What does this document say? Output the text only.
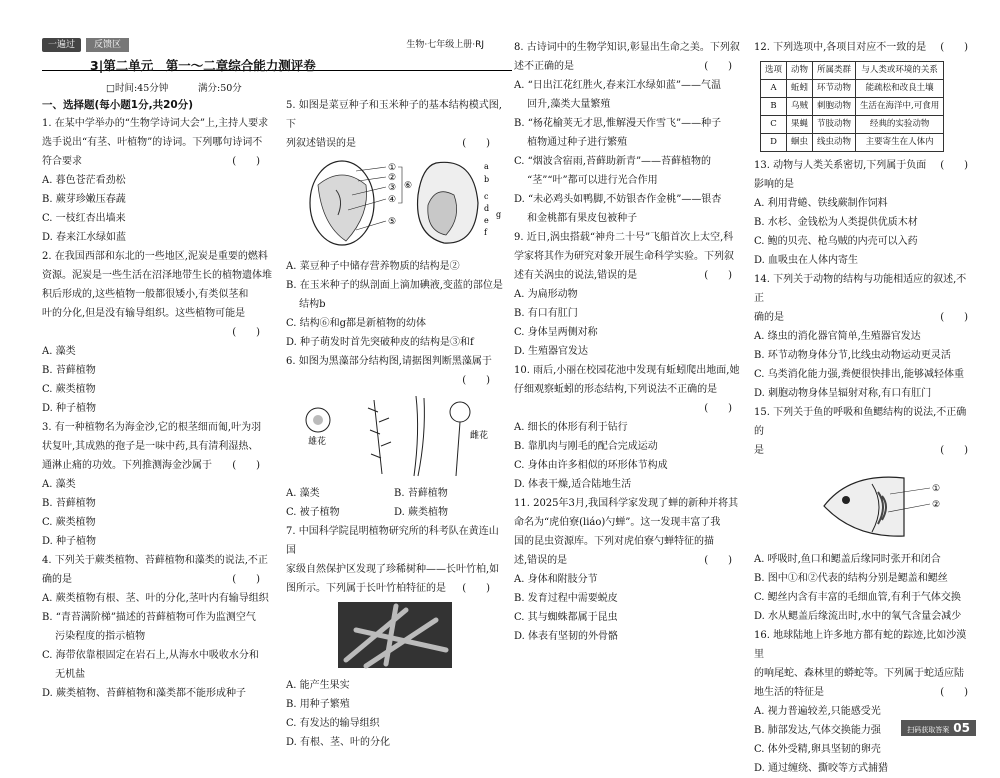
一遍过	反馈区	生物·七年级上册·RJ
3|第二单元　第一～二章综合能力测评卷
□时间:45分钟	满分:50分
一、选择题(每小题1分,共20分)

1. 在某中学举办的“生物学诗词大会”上,主持人要求

选手说出“有茎、叶植物”的诗词。下列哪句诗词不

符合要求	(　　)

A. 暮色苍茫看劲松

B. 蕨芽珍嫩压春蔬

C. 一枝红杏出墙来

D. 春来江水绿如蓝

2. 在我国西部和东北的一些地区,泥炭是重要的燃料

资源。泥炭是一些生活在沼泽地带生长的植物遗体堆

积后形成的,这些植物一般都很矮小,有类似茎和

叶的分化,但是没有输导组织。这些植物可能是

(　　)

A. 藻类

B. 苔藓植物

C. 蕨类植物

D. 种子植物

3. 有一种植物名为海金沙,它的根茎细而匍,叶为羽

状复叶,其成熟的孢子是一味中药,具有清利湿热、

通淋止痛的功效。下列推测海金沙属于 (　　)

A. 藻类

B. 苔藓植物

C. 蕨类植物

D. 种子植物

4. 下列关于蕨类植物、苔藓植物和藻类的说法,不正

确的是	(　　)

A. 蕨类植物有根、茎、叶的分化,茎叶内有输导组织

B. “青苔满阶梯”描述的苔藓植物可作为监测空气

　 污染程度的指示植物

C. 海带依靠根固定在岩石上,从海水中吸收水分和

　 无机盐

D. 蕨类植物、苔藓植物和藻类都不能形成种子

5. 如图是菜豆种子和玉米种子的基本结构模式图,下

列叙述错误的是	(　　)

①
②
③
④
⑤
⑥
a
b
c
d
e
f
g

A. 菜豆种子中储存营养物质的结构是②

B. 在玉米种子的纵剖面上滴加碘液,变蓝的部位是

　 结构b

C. 结构⑥和g都是新植物的幼体

D. 种子萌发时首先突破种皮的结构是③和f

6. 如图为黑藻部分结构图,请据图判断黑藻属于

(　　)
雄花
雌花

A. 藻类	B. 苔藓植物

C. 被子植物	D. 蕨类植物

7. 中国科学院昆明植物研究所的科考队在黄连山国

家级自然保护区发现了珍稀树种——长叶竹柏,如

图所示。下列属于长叶竹柏特征的是 (　　)

A. 能产生果实

B. 用种子繁殖

C. 有发达的输导组织

D. 有根、茎、叶的分化

8. 古诗词中的生物学知识,彰显出生命之美。下列叙

述不正确的是	(　　)

A. “日出江花红胜火,春来江水绿如蓝”——气温

　 回升,藻类大量繁殖

B. “杨花榆荚无才思,惟解漫天作雪飞”——种子

　 植物通过种子进行繁殖

C. “烟波含宿雨,苔藓助新青”——苔藓植物的

　 “茎”“叶”都可以进行光合作用

D. “未必鸡头如鸭脚,不妨银杏作金桃”——银杏

　 和金桃都有果皮包被种子

9. 近日,涡虫搭载“神舟二十号”飞船首次上太空,科

学家将其作为研究对象开展生命科学实验。下列叙

述有关涡虫的说法,错误的是	(　　)

A. 为扁形动物

B. 有口有肛门

C. 身体呈两侧对称

D. 生殖器官发达

10. 雨后,小丽在校园花池中发现有蚯蚓爬出地面,她

仔细观察蚯蚓的形态结构,下列说法不正确的是

(　　)

A. 细长的体形有利于钻行

B. 靠肌肉与刚毛的配合完成运动

C. 身体由许多相似的环形体节构成

D. 体表干燥,适合陆地生活

11. 2025年3月,我国科学家发现了蝉的新种并将其

命名为“虎伯寮(liáo)勺蝉”。这一发现丰富了我

国的昆虫资源库。下列对虎伯寮勺蝉特征的描

述,错误的是	(　　)

A. 身体和附肢分节

B. 发育过程中需要蜕皮

C. 其与蜘蛛都属于昆虫

D. 体表有坚韧的外骨骼

12. 下列选项中,各项目对应不一致的是 (　　)

选项	动物	所属类群	与人类或环境的关系
A	蚯蚓	环节动物	能疏松和改良土壤
B	乌贼	刺胞动物	生活在海洋中,可食用
C	果蝇	节肢动物	经典的实验动物
D	蛔虫	线虫动物	主要寄生在人体内

13. 动物与人类关系密切,下列属于负面 (　　)

影响的是

A. 利用背蜷、铁线蕨制作饲料

B. 水杉、金钱松为人类提供优质木材

C. 鲍的贝壳、枪乌贼的内壳可以入药

D. 血吸虫在人体内寄生

14. 下列关于动物的结构与功能相适应的叙述,不正

确的是	(　　)

A. 绦虫的消化器官简单,生殖器官发达

B. 环节动物身体分节,比线虫动物运动更灵活

C. 乌类消化能力强,粪便很快排出,能够减轻体重

D. 刺胞动物身体呈辐射对称,有口有肛门

15. 下列关于鱼的呼吸和鱼鳃结构的说法,不正确的

是	(　　)

①
②

A. 呼吸时,鱼口和鳃盖后缘同时张开和闭合

B. 图中①和②代表的结构分别是鳃盖和鳃丝

C. 鳃丝内含有丰富的毛细血管,有利于气体交换

D. 水从鳃盖后缘流出时,水中的氧气含量会减少

16. 地球陆地上许多地方都有蛇的踪迹,比如沙漠里

的响尾蛇、森林里的蟒蛇等。下列属于蛇适应陆

地生活的特征是	(　　)

A. 视力普遍较差,只能感受光

B. 肺部发达,气体交换能力强

C. 体外受精,卵具坚韧的卵壳

D. 通过缠绕、撕咬等方式捕猎

扫码获取答案 05
